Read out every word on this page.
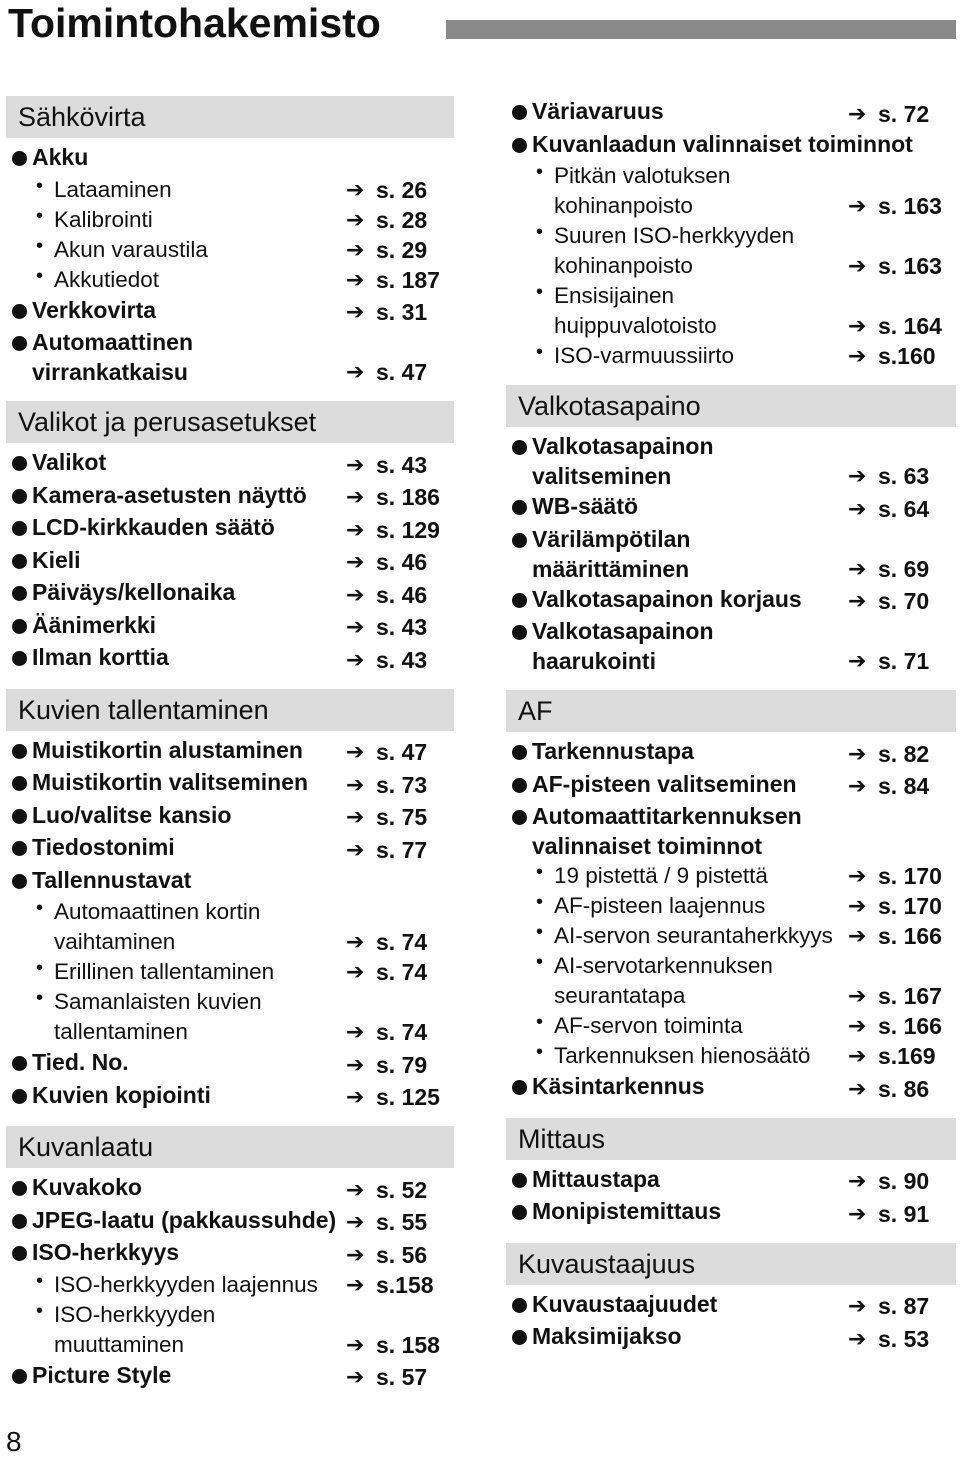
Toimintohakemisto
Sähkövirta
Akku
• Lataaminen	➔ s. 26
• Kalibrointi	➔ s. 28
• Akun varaustila	➔ s. 29
• Akkutiedot	➔ s. 187
Verkkovirta	➔ s. 31
Automaattinen
virrankatkaisu	➔ s. 47
Valikot ja perusasetukset
Valikot	➔ s. 43
Kamera-asetusten näyttö	➔ s. 186
LCD-kirkkauden säätö	➔ s. 129
Kieli	➔ s. 46
Päiväys/kellonaika	➔ s. 46
Äänimerkki	➔ s. 43
Ilman korttia	➔ s. 43
Kuvien tallentaminen
Muistikortin alustaminen	➔ s. 47
Muistikortin valitseminen	➔ s. 73
Luo/valitse kansio	➔ s. 75
Tiedostonimi	➔ s. 77
Tallennustavat
• Automaattinen kortin
vaihtaminen	➔ s. 74
• Erillinen tallentaminen	➔ s. 74
• Samanlaisten kuvien
tallentaminen	➔ s. 74
Tied. No.	➔ s. 79
Kuvien kopiointi	➔ s. 125
Kuvanlaatu
Kuvakoko	➔ s. 52
JPEG-laatu (pakkaussuhde) ➔ s. 55
ISO-herkkyys	➔ s. 56
• ISO-herkkyyden laajennus	➔ s.158
• ISO-herkkyyden
muuttaminen	➔ s. 158
Picture Style	➔ s. 57
Väriavaruus	➔ s. 72
Kuvanlaadun valinnaiset toiminnot
• Pitkän valotuksen
kohinanpoisto	➔ s. 163
• Suuren ISO-herkkyyden
kohinanpoisto	➔ s. 163
• Ensisijainen
huippuvalotoisto	➔ s. 164
• ISO-varmuussiirto	➔ s.160
Valkotasapaino
Valkotasapainon
valitseminen	➔ s. 63
WB-säätö	➔ s. 64
Värilämpötilan
määrittäminen	➔ s. 69
Valkotasapainon korjaus	➔ s. 70
Valkotasapainon
haarukointi	➔ s. 71
AF
Tarkennustapa	➔ s. 82
AF-pisteen valitseminen	➔ s. 84
Automaattitarkennuksen
valinnaiset toiminnot
• 19 pistettä / 9 pistettä	➔ s. 170
• AF-pisteen laajennus	➔ s. 170
• AI-servon seurantaherkkyys ➔ s. 166
• AI-servotarkennuksen
seurantatapa	➔ s. 167
• AF-servon toiminta	➔ s. 166
• Tarkennuksen hienosäätö	➔ s.169
Käsintarkennus	➔ s. 86
Mittaus
Mittaustapa	➔ s. 90
Monipistemittaus	➔ s. 91
Kuvaustaajuus
Kuvaustaajuudet	➔ s. 87
Maksimijakso	➔ s. 53
8
